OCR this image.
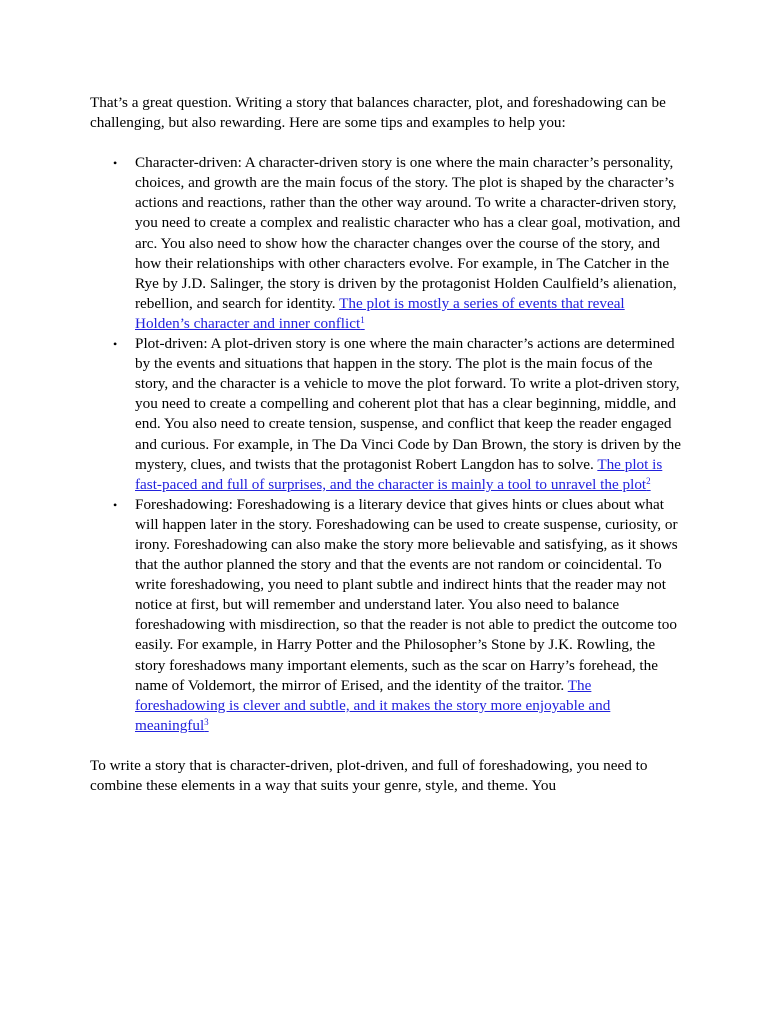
That’s a great question. Writing a story that balances character, plot, and foreshadowing can be challenging, but also rewarding. Here are some tips and examples to help you:

• Character-driven: A character-driven story is one where the main character’s personality, choices, and growth are the main focus of the story. The plot is shaped by the character’s actions and reactions, rather than the other way around. To write a character-driven story, you need to create a complex and realistic character who has a clear goal, motivation, and arc. You also need to show how the character changes over the course of the story, and how their relationships with other characters evolve. For example, in The Catcher in the Rye by J.D. Salinger, the story is driven by the protagonist Holden Caulfield’s alienation, rebellion, and search for identity. The plot is mostly a series of events that reveal Holden’s character and inner conflict$^1$
• Plot-driven: A plot-driven story is one where the main character’s actions are determined by the events and situations that happen in the story. The plot is the main focus of the story, and the character is a vehicle to move the plot forward. To write a plot-driven story, you need to create a compelling and coherent plot that has a clear beginning, middle, and end. You also need to create tension, suspense, and conflict that keep the reader engaged and curious. For example, in The Da Vinci Code by Dan Brown, the story is driven by the mystery, clues, and twists that the protagonist Robert Langdon has to solve. The plot is fast-paced and full of surprises, and the character is mainly a tool to unravel the plot$^2$
• Foreshadowing: Foreshadowing is a literary device that gives hints or clues about what will happen later in the story. Foreshadowing can be used to create suspense, curiosity, or irony. Foreshadowing can also make the story more believable and satisfying, as it shows that the author planned the story and that the events are not random or coincidental. To write foreshadowing, you need to plant subtle and indirect hints that the reader may not notice at first, but will remember and understand later. You also need to balance foreshadowing with misdirection, so that the reader is not able to predict the outcome too easily. For example, in Harry Potter and the Philosopher’s Stone by J.K. Rowling, the story foreshadows many important elements, such as the scar on Harry’s forehead, the name of Voldemort, the mirror of Erised, and the identity of the traitor. The foreshadowing is clever and subtle, and it makes the story more enjoyable and meaningful$^3$

To write a story that is character-driven, plot-driven, and full of foreshadowing, you need to combine these elements in a way that suits your genre, style, and theme. You
